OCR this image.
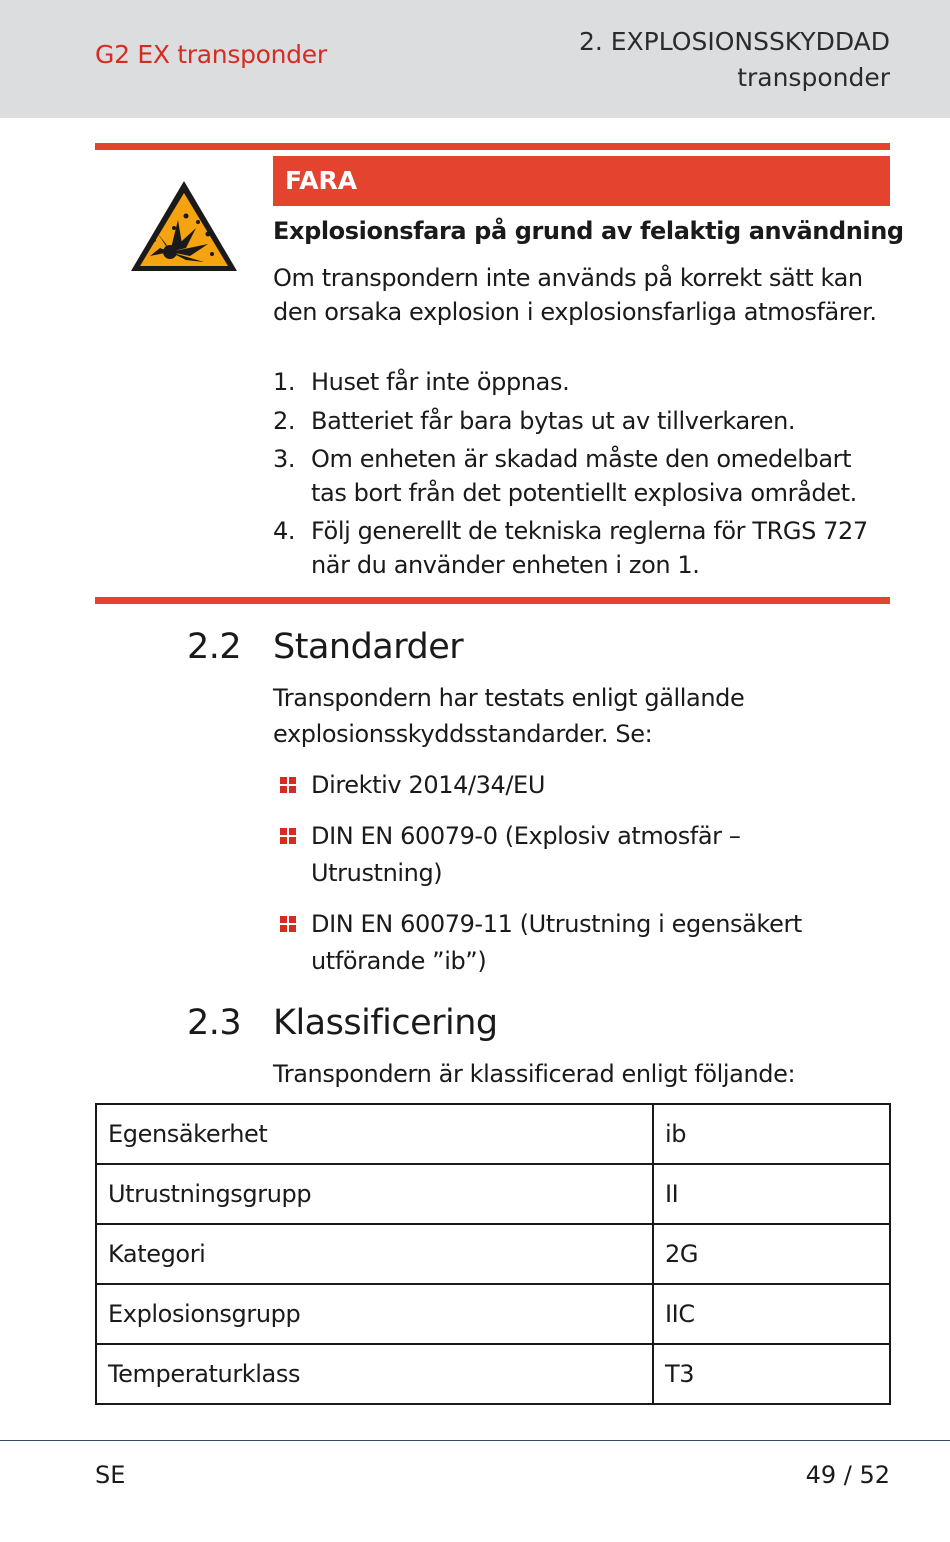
G2 EX transponder	2. EXPLOSIONSSKYDDAD
transponder
FARA
Explosionsfara på grund av felaktig användning

Om transpondern inte används på korrekt sätt kan den orsaka explosion i explosionsfarliga atmosfärer.

1. Huset får inte öppnas.
2. Batteriet får bara bytas ut av tillverkaren.
3. Om enheten är skadad måste den omedelbart tas bort från det potentiellt explosiva området.
4. Följ generellt de tekniska reglerna för TRGS 727 när du använder enheten i zon 1.
2.2 Standarder

Transpondern har testats enligt gällande explosionsskyddsstandarder. Se:

Direktiv 2014/34/EU
DIN EN 60079-0 (Explosiv atmosfär – Utrustning)
DIN EN 60079-11 (Utrustning i egensäkert utförande ”ib”)
2.3 Klassificering

Transpondern är klassificerad enligt följande:

Egensäkerhet	ib
Utrustningsgrupp	II
Kategori	2G
Explosionsgrupp	IIC
Temperaturklass	T3
SE	49 / 52
